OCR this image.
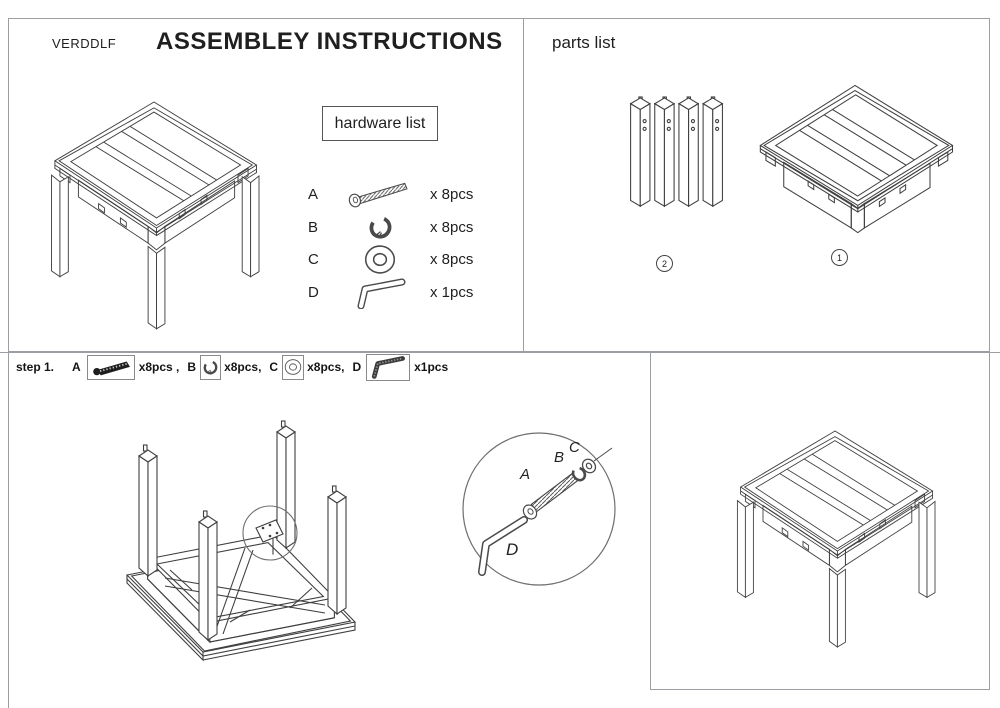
VERDDLF ASSEMBLEY INSTRUCTIONS
hardware list
A	x 8pcs
B	x 8pcs
C	x 8pcs
D	x 1pcs
parts list
2
1
step 1. A	x8pcs , B x8pcs, C x8pcs, D	x1pcs
A
B
C
D
